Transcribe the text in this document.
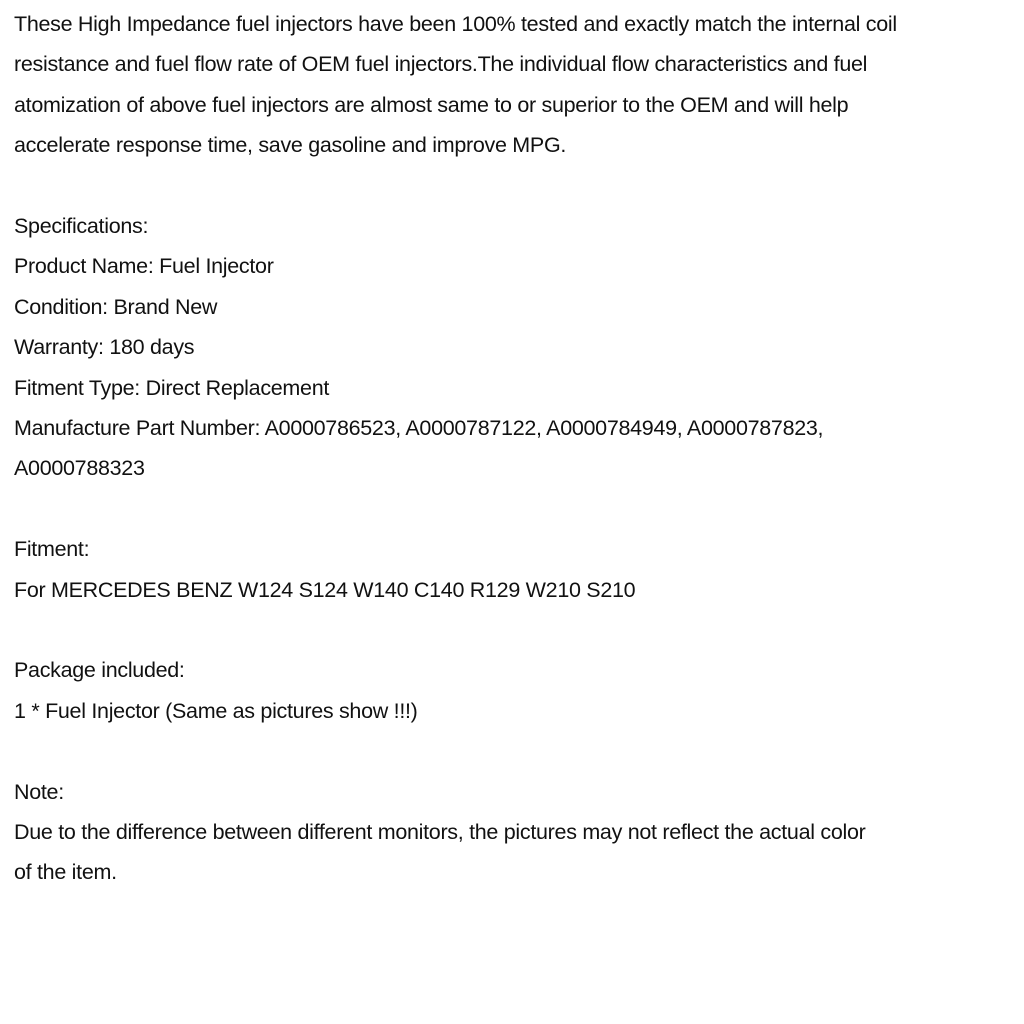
These High Impedance fuel injectors have been 100% tested and exactly match the internal coil
resistance and fuel flow rate of OEM fuel injectors.The individual flow characteristics and fuel
atomization of above fuel injectors are almost same to or superior to the OEM and will help
accelerate response time, save gasoline and improve MPG.
Specifications:
Product Name: Fuel Injector
Condition: Brand New
Warranty: 180 days
Fitment Type: Direct Replacement
Manufacture Part Number: A0000786523, A0000787122, A0000784949, A0000787823,
A0000788323
Fitment:
For MERCEDES BENZ W124 S124 W140 C140 R129 W210 S210
Package included:
1 * Fuel Injector (Same as pictures show !!!)
Note:
Due to the difference between different monitors, the pictures may not reflect the actual color
of the item.
